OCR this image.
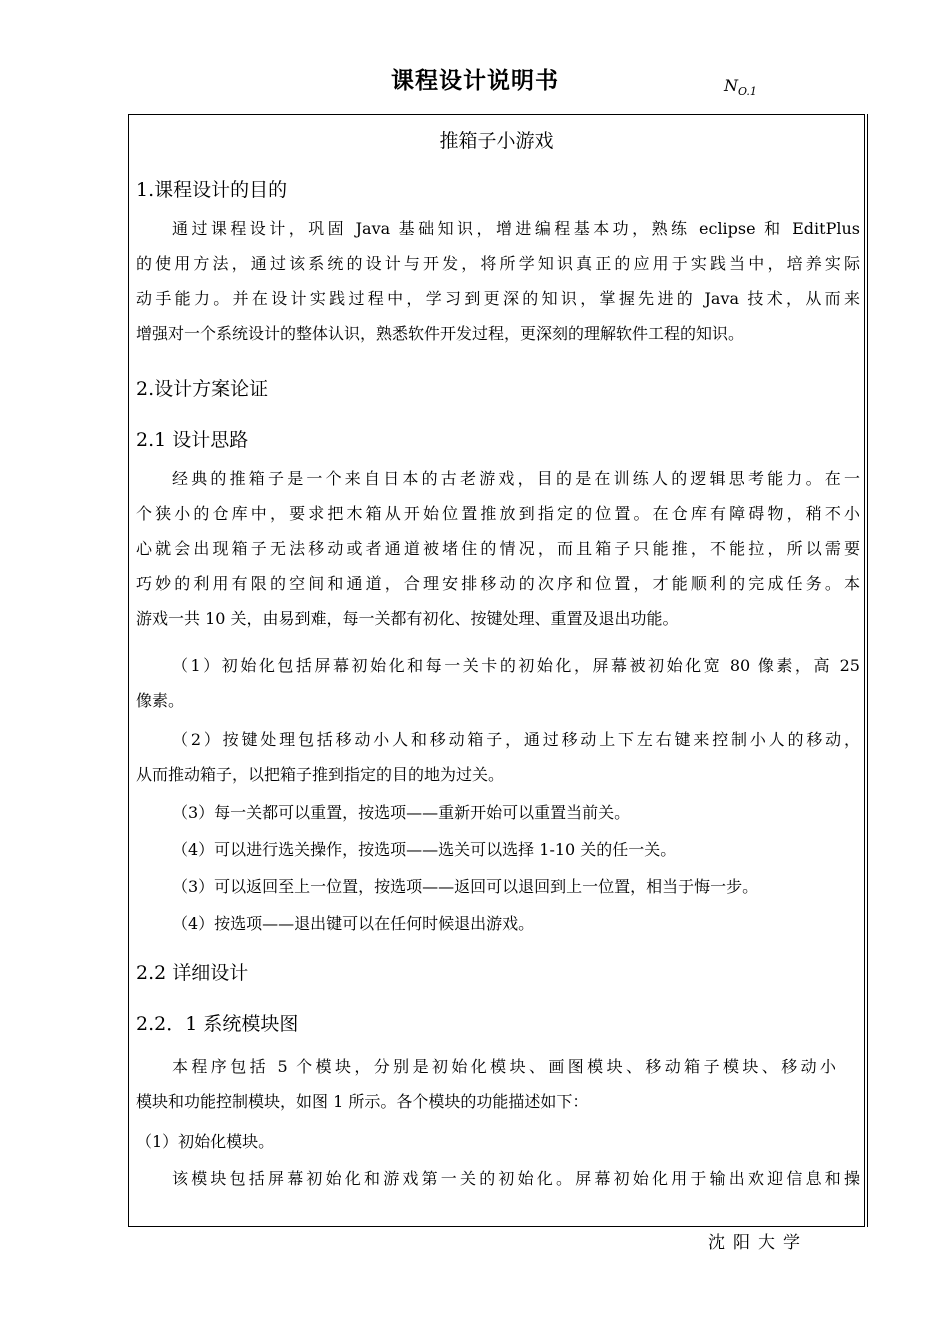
课程设计说明书	$N_{O.1}$
推箱子小游戏
1.课程设计的目的
通过课程设计，巩固 Java 基础知识，增进编程基本功，熟练 eclipse 和 EditPlus
的使用方法，通过该系统的设计与开发，将所学知识真正的应用于实践当中，培养实际
动手能力。并在设计实践过程中，学习到更深的知识，掌握先进的 Java 技术，从而来
增强对一个系统设计的整体认识，熟悉软件开发过程，更深刻的理解软件工程的知识。
2.设计方案论证
2.1 设计思路
经典的推箱子是一个来自日本的古老游戏，目的是在训练人的逻辑思考能力。在一
个狭小的仓库中，要求把木箱从开始位置推放到指定的位置。在仓库有障碍物，稍不小
心就会出现箱子无法移动或者通道被堵住的情况，而且箱子只能推，不能拉，所以需要
巧妙的利用有限的空间和通道，合理安排移动的次序和位置，才能顺利的完成任务。本
游戏一共 10 关，由易到难，每一关都有初化、按键处理、重置及退出功能。
（1）初始化包括屏幕初始化和每一关卡的初始化，屏幕被初始化宽 80 像素，高 25
像素。
（2）按键处理包括移动小人和移动箱子，通过移动上下左右键来控制小人的移动，
从而推动箱子，以把箱子推到指定的目的地为过关。
（3）每一关都可以重置，按选项——重新开始可以重置当前关。
（4）可以进行选关操作，按选项——选关可以选择 1-10 关的任一关。
（3）可以返回至上一位置，按选项——返回可以退回到上一位置，相当于悔一步。
（4）按选项——退出键可以在任何时候退出游戏。
2.2 详细设计
2.2．1 系统模块图
本程序包括 5 个模块，分别是初始化模块、画图模块、移动箱子模块、移动小
模块和功能控制模块，如图 1 所示。各个模块的功能描述如下：
（1）初始化模块。
该模块包括屏幕初始化和游戏第一关的初始化。屏幕初始化用于输出欢迎信息和操
沈阳大学
